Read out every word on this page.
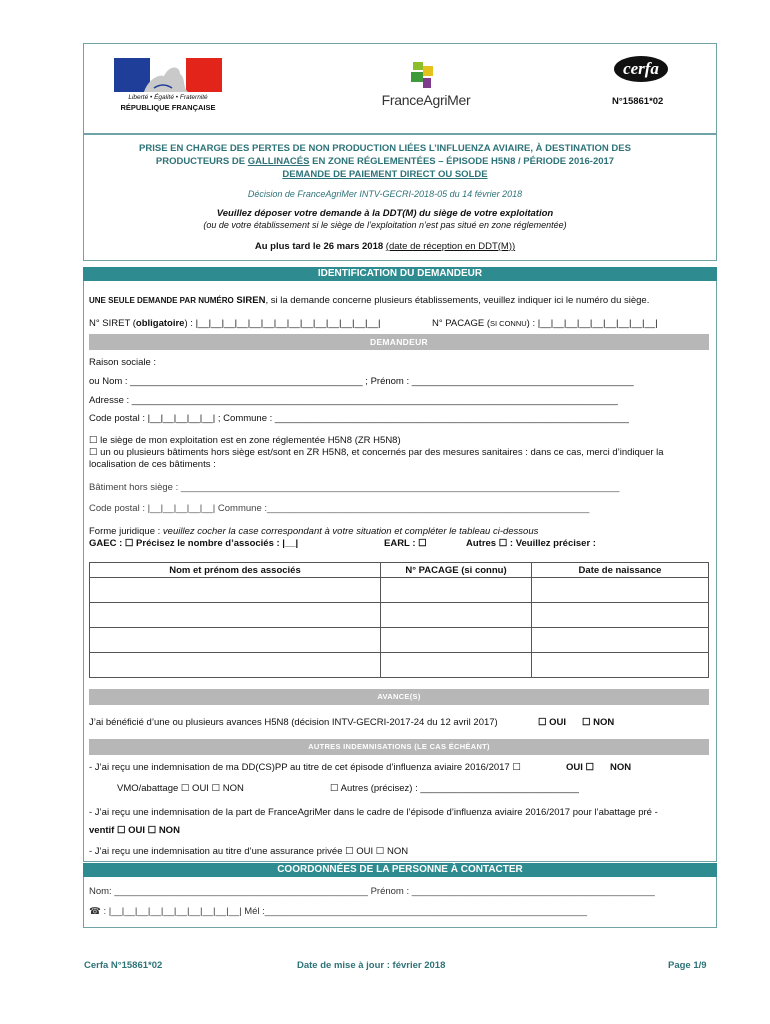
Liberté • Égalité • Fraternité
RÉPUBLIQUE FRANÇAISE	FranceAgriMer
cerfa
N°15861*02
PRISE EN CHARGE DES PERTES DE NON PRODUCTION LIÉES L’INFLUENZA AVIAIRE, À DESTINATION DES
PRODUCTEURS DE GALLINACÉS EN ZONE RÉGLEMENTÉES – ÉPISODE H5N8 / PÉRIODE 2016-2017
DEMANDE DE PAIEMENT DIRECT OU SOLDE
Décision de FranceAgriMer INTV-GECRI-2018-05 du 14 février 2018
Veuillez déposer votre demande à la DDT(M) du siège de votre exploitation
(ou de votre établissement si le siège de l’exploitation n’est pas situé en zone réglementée)
Au plus tard le 26 mars 2018 (date de réception en DDT(M))
IDENTIFICATION DU DEMANDEUR
UNE SEULE DEMANDE PAR NUMÉRO SIREN, si la demande concerne plusieurs établissements, veuillez indiquer ici le numéro du siège.
N° SIRET (obligatoire) : |__|__|__|__|__|__|__|__|__|__|__|__|__|__|	N° PACAGE (SI CONNU) : |__|__|__|__|__|__|__|__|__|
DEMANDEUR
Raison sociale :
ou Nom : ____________________________________________ ; Prénom : __________________________________________
Adresse : ____________________________________________________________________________________________
Code postal : |__|__|__|__|__| ; Commune : ___________________________________________________________________
☐ le siège de mon exploitation est en zone réglementée H5N8 (ZR H5N8)
☐ un ou plusieurs bâtiments hors siège est/sont en ZR H5N8, et concernés par des mesures sanitaires : dans ce cas, merci d’indiquer la
localisation de ces bâtiments :
Bâtiment hors siège : ___________________________________________________________________________________
Code postal : |__|__|__|__|__| Commune :_____________________________________________________________
Forme juridique : veuillez cocher la case correspondant à votre situation et compléter le tableau ci-dessous
GAEC : ☐ Précisez le nombre d’associés : |__|	EARL : ☐	Autres ☐ : Veuillez préciser :
Nom et prénom des associés	N° PACAGE (si connu)	Date de naissance

AVANCE(S)
J’ai bénéficié d’une ou plusieurs avances H5N8 (décision INTV-GECRI-2017-24 du 12 avril 2017)	☐ OUI ☐ NON
AUTRES INDEMNISATIONS (LE CAS ÉCHÉANT)
- J’ai reçu une indemnisation de ma DD(CS)PP au titre de cet épisode d’influenza aviaire 2016/2017 ☐	OUI ☐ NON
VMO/abattage ☐ OUI ☐ NON	☐ Autres (précisez) : ______________________________
- J’ai reçu une indemnisation de la part de FranceAgriMer dans le cadre de l’épisode d’influenza aviaire 2016/2017 pour l’abattage pré -
ventif ☐ OUI ☐ NON
- J’ai reçu une indemnisation au titre d’une assurance privée ☐ OUI ☐ NON
COORDONNÉES DE LA PERSONNE À CONTACTER
Nom: ________________________________________________ Prénom : ______________________________________________
☎ : |__|__|__|__|__|__|__|__|__|__| Mél :_____________________________________________________________
Cerfa N°15861*02	Date de mise à jour : février 2018	Page 1/9
